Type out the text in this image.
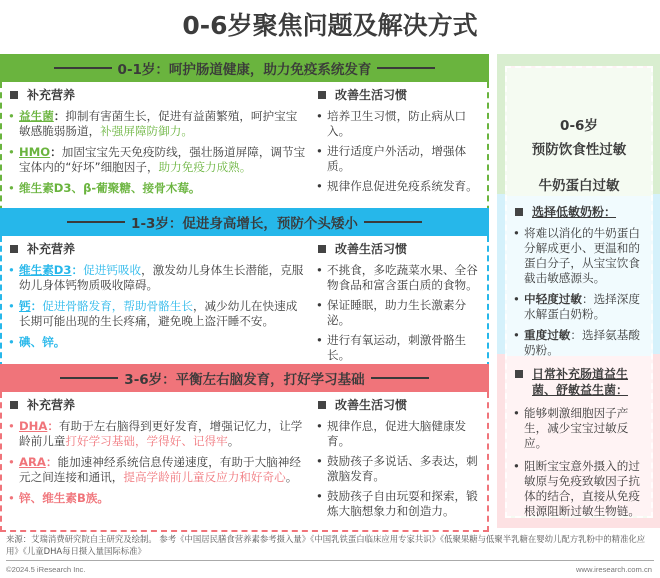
0-6岁聚焦问题及解决方式
0-1岁：呵护肠道健康，助力免疫系统发育
补充营养
• 益生菌：抑制有害菌生长，促进有益菌繁殖，呵护宝宝敏感脆弱肠道，补强屏障防御力。
• HMO：加固宝宝先天免疫防线，强壮肠道屏障，调节宝宝体内的“好坏”细胞因子，助力免疫力成熟。
• 维生素D3、β-葡聚糖、接骨木莓。
改善生活习惯
• 培养卫生习惯，防止病从口入。
• 进行适度户外活动，增强体质。
• 规律作息促进免疫系统发育。
1-3岁：促进身高增长，预防个头矮小
补充营养
• 维生素D3：促进钙吸收，激发幼儿身体生长潜能，克服幼儿身体钙物质吸收障碍。
• 钙：促进骨骼发育，帮助骨骼生长，减少幼儿在快速成长期可能出现的生长疼痛，避免晚上盗汗睡不安。
• 碘、锌。
改善生活习惯
• 不挑食，多吃蔬菜水果、全谷物食品和富含蛋白质的食物。
• 保证睡眠，助力生长激素分泌。
• 进行有氧运动，刺激骨骼生长。
3-6岁：平衡左右脑发育，打好学习基础
补充营养
• DHA：有助于左右脑得到更好发育，增强记忆力，让学龄前儿童打好学习基础，学得好、记得牢。
• ARA：能加速神经系统信息传递速度，有助于大脑神经元之间连接和通讯，提高学龄前儿童反应力和好奇心。
• 锌、维生素B族。
改善生活习惯
• 规律作息，促进大脑健康发育。
• 鼓励孩子多说话、多表达，刺激脑发育。
• 鼓励孩子自由玩耍和探索，锻炼大脑想象力和创造力。
0-6岁
预防饮食性过敏
牛奶蛋白过敏
选择低敏奶粉：
• 将难以消化的牛奶蛋白分解成更小、更温和的蛋白分子，从宝宝饮食截击敏感源头。
• 中轻度过敏：选择深度水解蛋白奶粉。
• 重度过敏：选择氨基酸奶粉。
日常补充肠道益生菌、舒敏益生菌：
• 能够刺激细胞因子产生，减少宝宝过敏反应。
• 阻断宝宝意外摄入的过敏原与免疫致敏因子抗体的结合，直接从免疫根源阻断过敏生物链。
来源：艾瑞消费研究院自主研究及绘制。 参考《中国居民膳食营养素参考摄入量》《中国乳铁蛋白临床应用专家共识》《低聚果糖与低聚半乳糖在婴幼儿配方乳粉中的精准化应用》《儿童DHA每日摄入量国际标准》
©2024.5 iResearch Inc.	www.iresearch.com.cn
